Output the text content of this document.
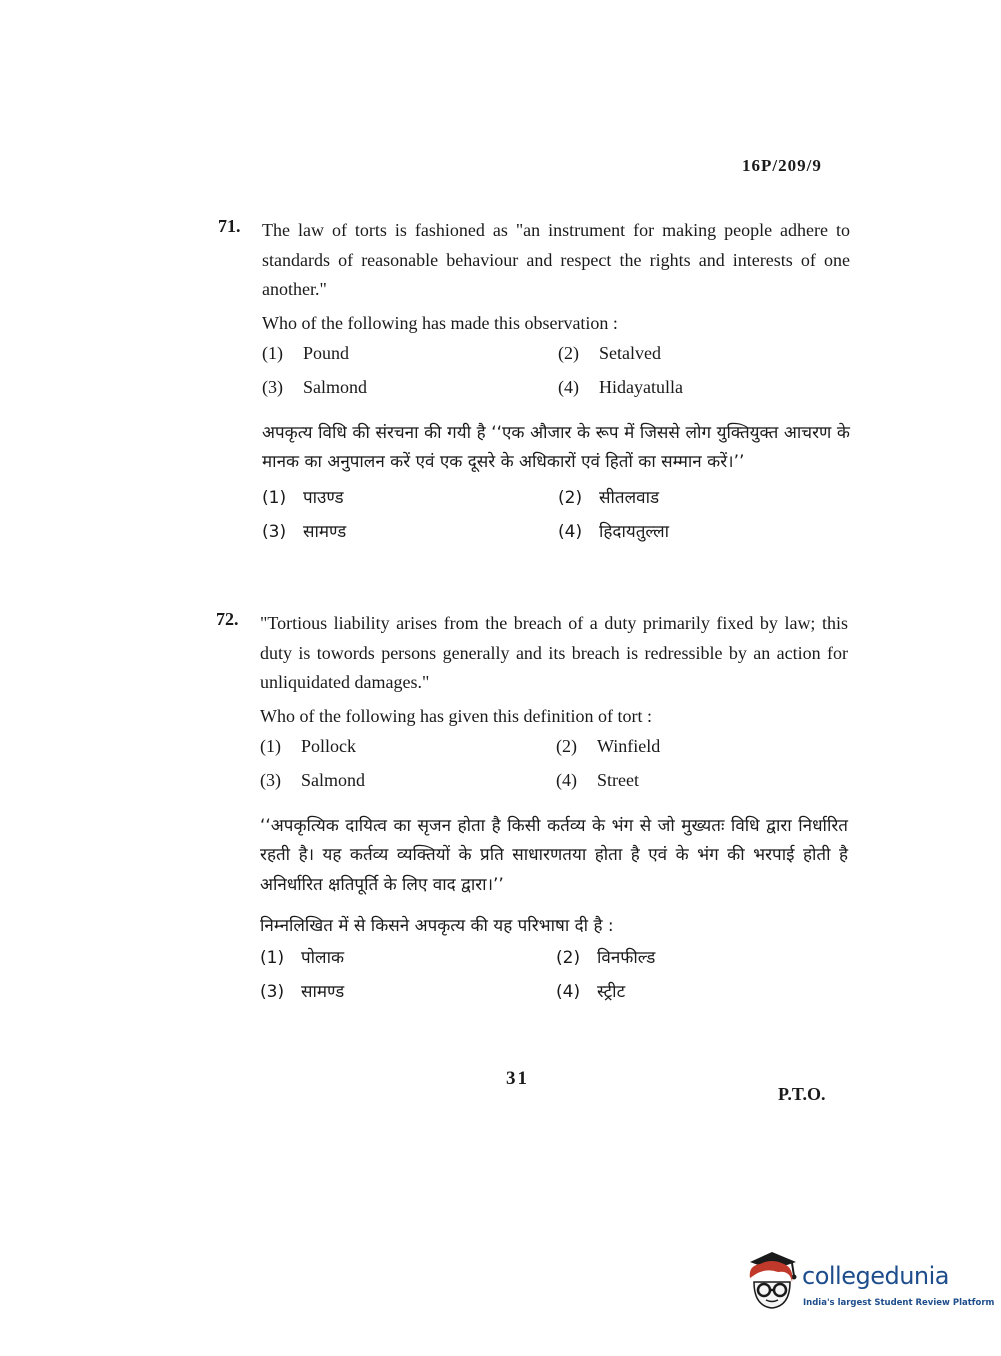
16P/209/9
71. The law of torts is fashioned as "an instrument for making people adhere to standards of reasonable behaviour and respect the rights and interests of one another."

Who of the following has made this observation :

(1) Pound	(2) Setalved
(3) Salmond	(4) Hidayatulla

अपकृत्य विधि की संरचना की गयी है ‘‘एक औजार के रूप में जिससे लोग युक्तियुक्त आचरण के मानक का अनुपालन करें एवं एक दूसरे के अधिकारों एवं हितों का सम्मान करें।’’

(1) पाउण्ड	(2) सीतलवाड
(3) सामण्ड	(4) हिदायतुल्ला
72. "Tortious liability arises from the breach of a duty primarily fixed by law; this duty is towords persons generally and its breach is redressible by an action for unliquidated damages."

Who of the following has given this definition of tort :

(1) Pollock	(2) Winfield
(3) Salmond	(4) Street

‘‘अपकृत्यिक दायित्व का सृजन होता है किसी कर्तव्य के भंग से जो मुख्यतः विधि द्वारा निर्धारित रहती है। यह कर्तव्य व्यक्तियों के प्रति साधारणतया होता है एवं के भंग की भरपाई होती है अनिर्धारित क्षतिपूर्ति के लिए वाद द्वारा।’’

निम्नलिखित में से किसने अपकृत्य की यह परिभाषा दी है :

(1) पोलाक	(2) विनफील्ड
(3) सामण्ड	(4) स्ट्रीट
31
P.T.O.
collegedunia
India's largest Student Review Platform
